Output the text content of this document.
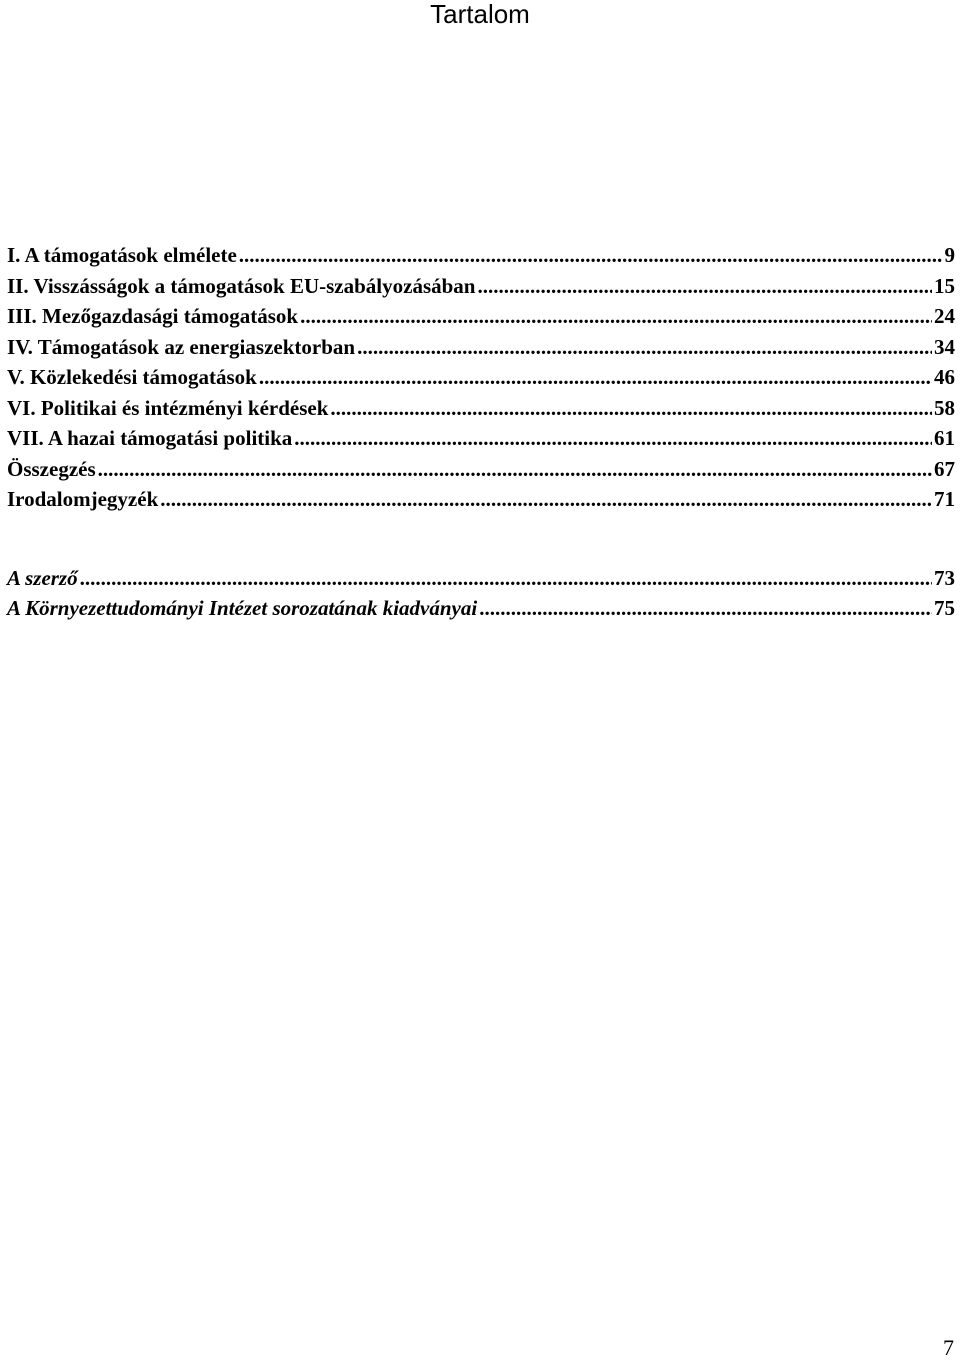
Tartalom
I. A támogatások elmélete .....	9
II. Visszásságok a támogatások EU-szabályozásában .....	15
III. Mezőgazdasági támogatások .....	24
IV. Támogatások az energiaszektorban .....	34
V. Közlekedési támogatások .....	46
VI. Politikai és intézményi kérdések .....	58
VII. A hazai támogatási politika .....	61
Összegzés .....	67
Irodalomjegyzék .....	71
A szerző .....	73
A Környezettudományi Intézet sorozatának kiadványai .....	75
7
